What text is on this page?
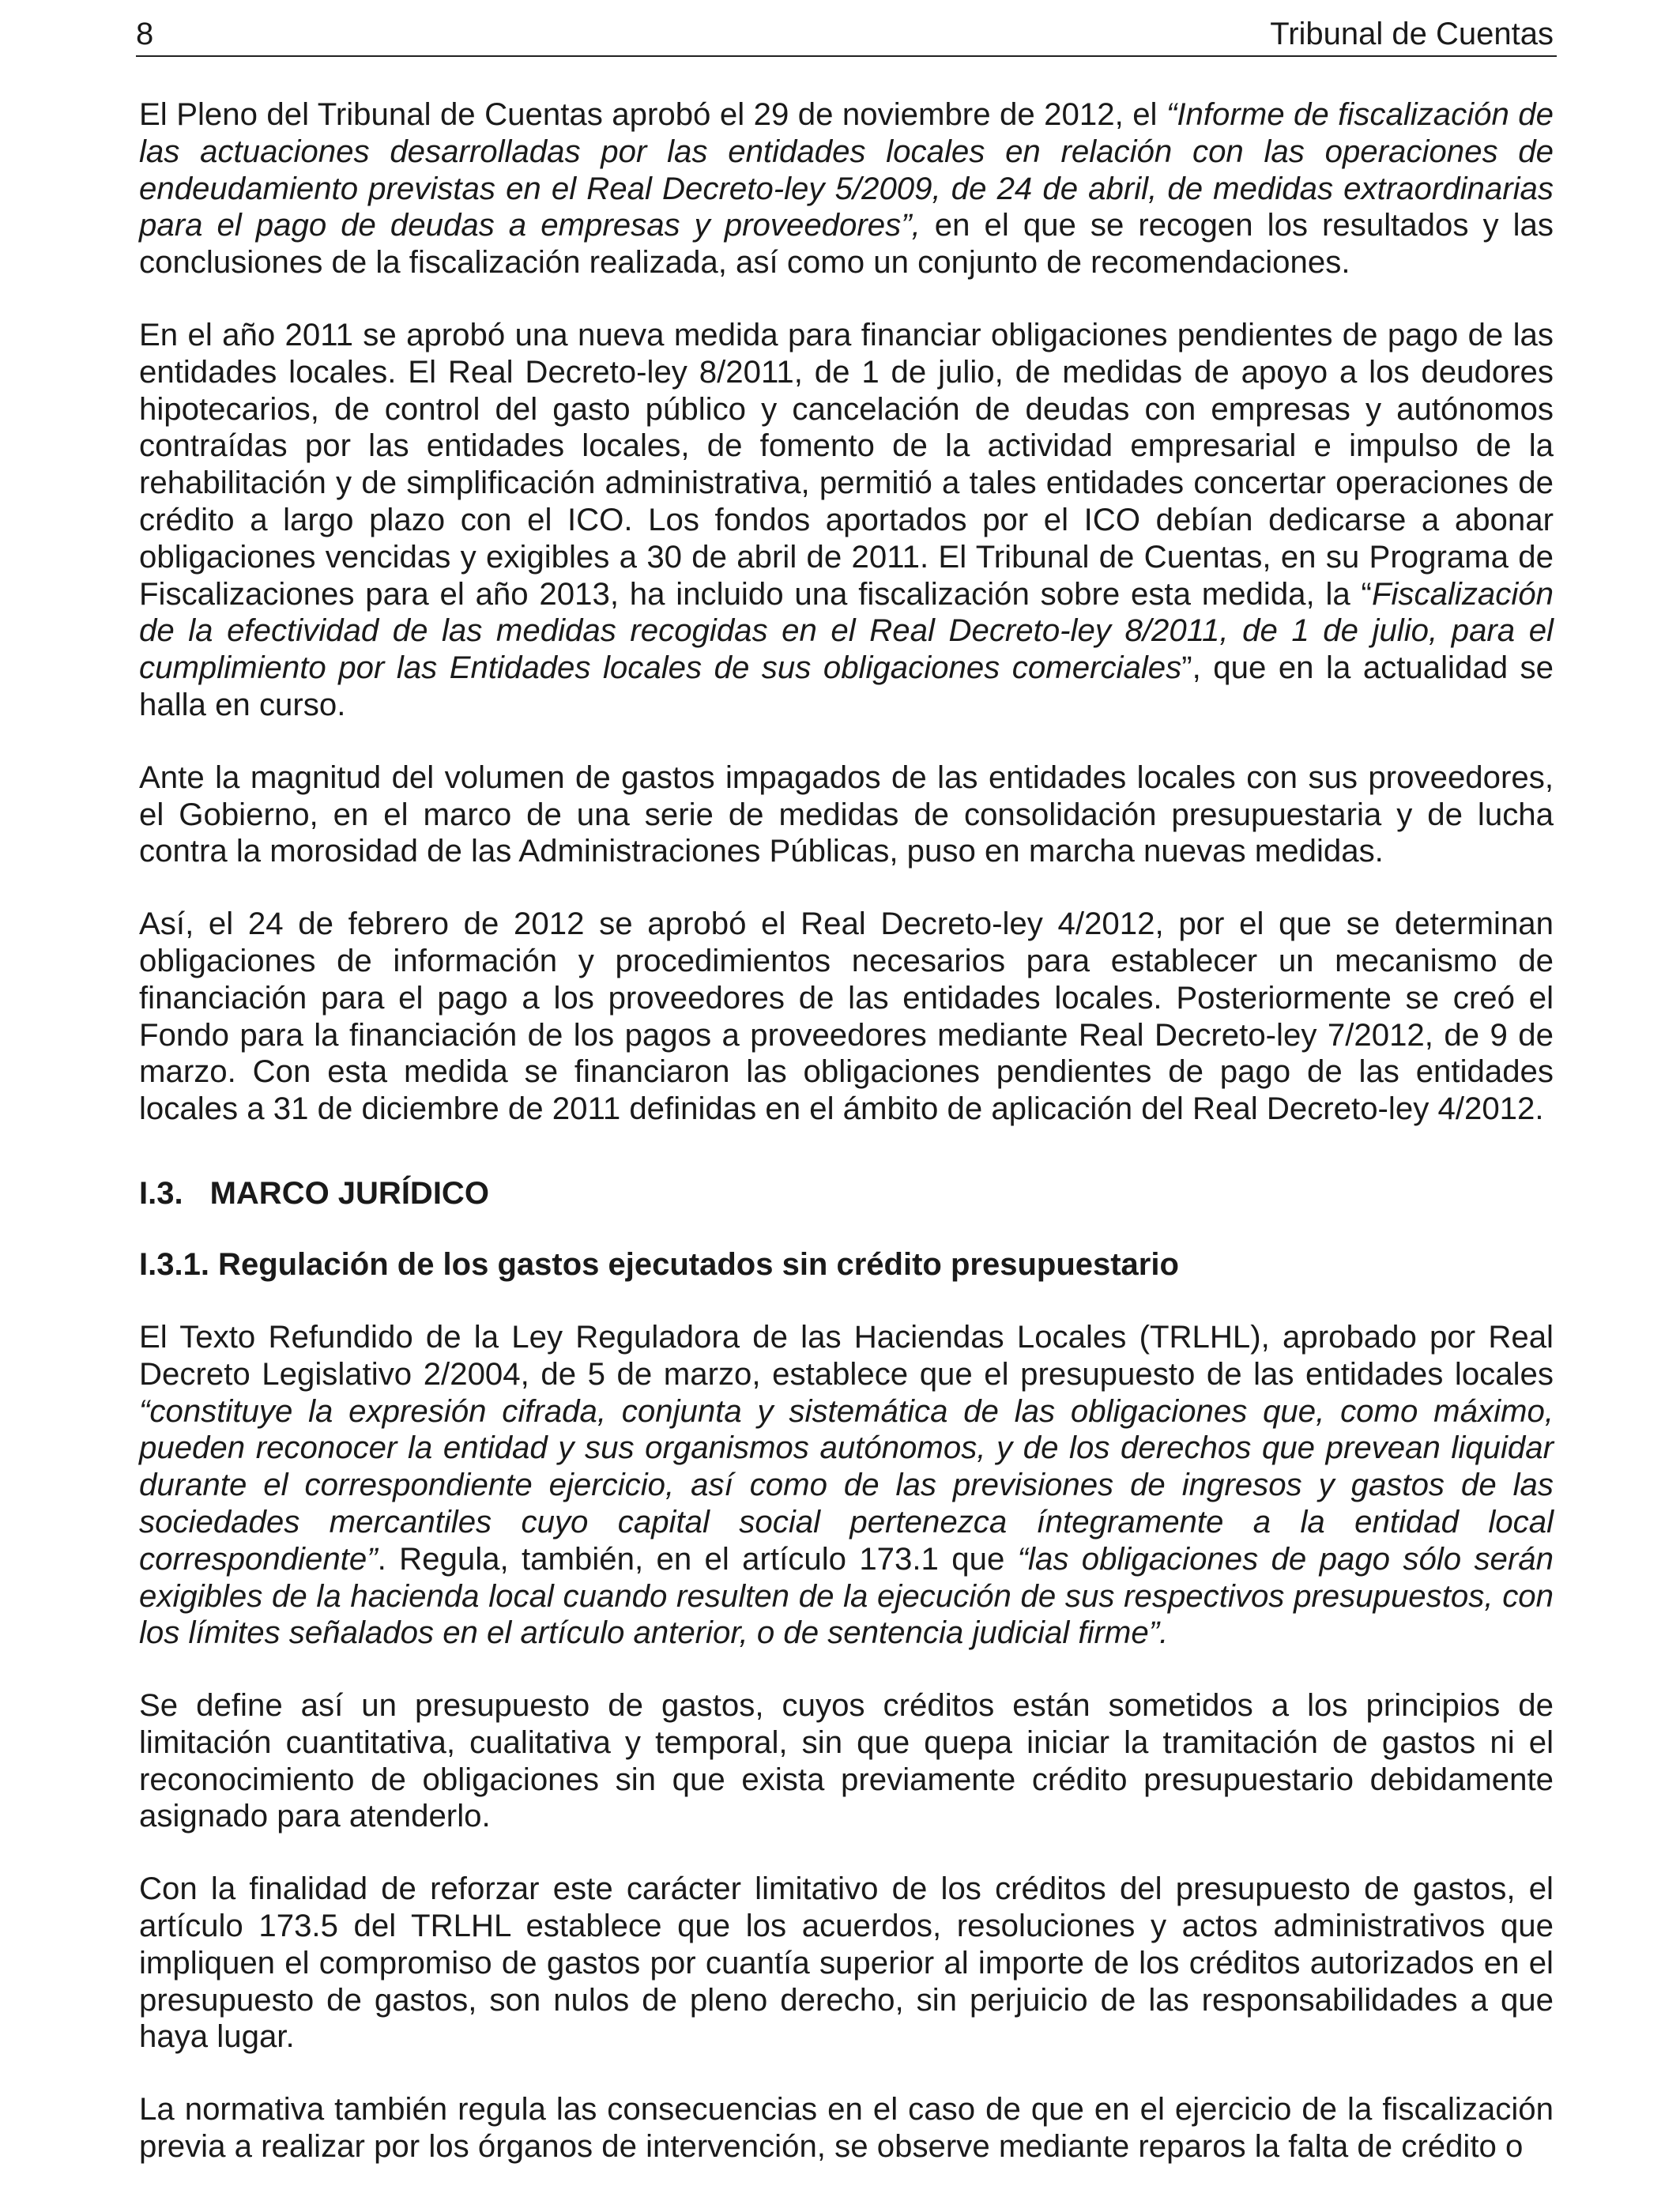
8	Tribunal de Cuentas

El Pleno del Tribunal de Cuentas aprobó el 29 de noviembre de 2012, el “Informe de fiscalización de las actuaciones desarrolladas por las entidades locales en relación con las operaciones de endeudamiento previstas en el Real Decreto-ley 5/2009, de 24 de abril, de medidas extraordinarias para el pago de deudas a empresas y proveedores”, en el que se recogen los resultados y las conclusiones de la fiscalización realizada, así como un conjunto de recomendaciones.

En el año 2011 se aprobó una nueva medida para financiar obligaciones pendientes de pago de las entidades locales. El Real Decreto-ley 8/2011, de 1 de julio, de medidas de apoyo a los deudores hipotecarios, de control del gasto público y cancelación de deudas con empresas y autónomos contraídas por las entidades locales, de fomento de la actividad empresarial e impulso de la rehabilitación y de simplificación administrativa, permitió a tales entidades concertar operaciones de crédito a largo plazo con el ICO. Los fondos aportados por el ICO debían dedicarse a abonar obligaciones vencidas y exigibles a 30 de abril de 2011. El Tribunal de Cuentas, en su Programa de Fiscalizaciones para el año 2013, ha incluido una fiscalización sobre esta medida, la “Fiscalización de la efectividad de las medidas recogidas en el Real Decreto-ley 8/2011, de 1 de julio, para el cumplimiento por las Entidades locales de sus obligaciones comerciales”, que en la actualidad se halla en curso.

Ante la magnitud del volumen de gastos impagados de las entidades locales con sus proveedores, el Gobierno, en el marco de una serie de medidas de consolidación presupuestaria y de lucha contra la morosidad de las Administraciones Públicas, puso en marcha nuevas medidas.

Así, el 24 de febrero de 2012 se aprobó el Real Decreto-ley 4/2012, por el que se determinan obligaciones de información y procedimientos necesarios para establecer un mecanismo de financiación para el pago a los proveedores de las entidades locales. Posteriormente se creó el Fondo para la financiación de los pagos a proveedores mediante Real Decreto-ley 7/2012, de 9 de marzo. Con esta medida se financiaron las obligaciones pendientes de pago de las entidades locales a 31 de diciembre de 2011 definidas en el ámbito de aplicación del Real Decreto-ley 4/2012.

I.3. MARCO JURÍDICO
I.3.1. Regulación de los gastos ejecutados sin crédito presupuestario

El Texto Refundido de la Ley Reguladora de las Haciendas Locales (TRLHL), aprobado por Real Decreto Legislativo 2/2004, de 5 de marzo, establece que el presupuesto de las entidades locales “constituye la expresión cifrada, conjunta y sistemática de las obligaciones que, como máximo, pueden reconocer la entidad y sus organismos autónomos, y de los derechos que prevean liquidar durante el correspondiente ejercicio, así como de las previsiones de ingresos y gastos de las sociedades mercantiles cuyo capital social pertenezca íntegramente a la entidad local correspondiente”. Regula, también, en el artículo 173.1 que “las obligaciones de pago sólo serán exigibles de la hacienda local cuando resulten de la ejecución de sus respectivos presupuestos, con los límites señalados en el artículo anterior, o de sentencia judicial firme”.

Se define así un presupuesto de gastos, cuyos créditos están sometidos a los principios de limitación cuantitativa, cualitativa y temporal, sin que quepa iniciar la tramitación de gastos ni el reconocimiento de obligaciones sin que exista previamente crédito presupuestario debidamente asignado para atenderlo.

Con la finalidad de reforzar este carácter limitativo de los créditos del presupuesto de gastos, el artículo 173.5 del TRLHL establece que los acuerdos, resoluciones y actos administrativos que impliquen el compromiso de gastos por cuantía superior al importe de los créditos autorizados en el presupuesto de gastos, son nulos de pleno derecho, sin perjuicio de las responsabilidades a que haya lugar.

La normativa también regula las consecuencias en el caso de que en el ejercicio de la fiscalización previa a realizar por los órganos de intervención, se observe mediante reparos la falta de crédito o
